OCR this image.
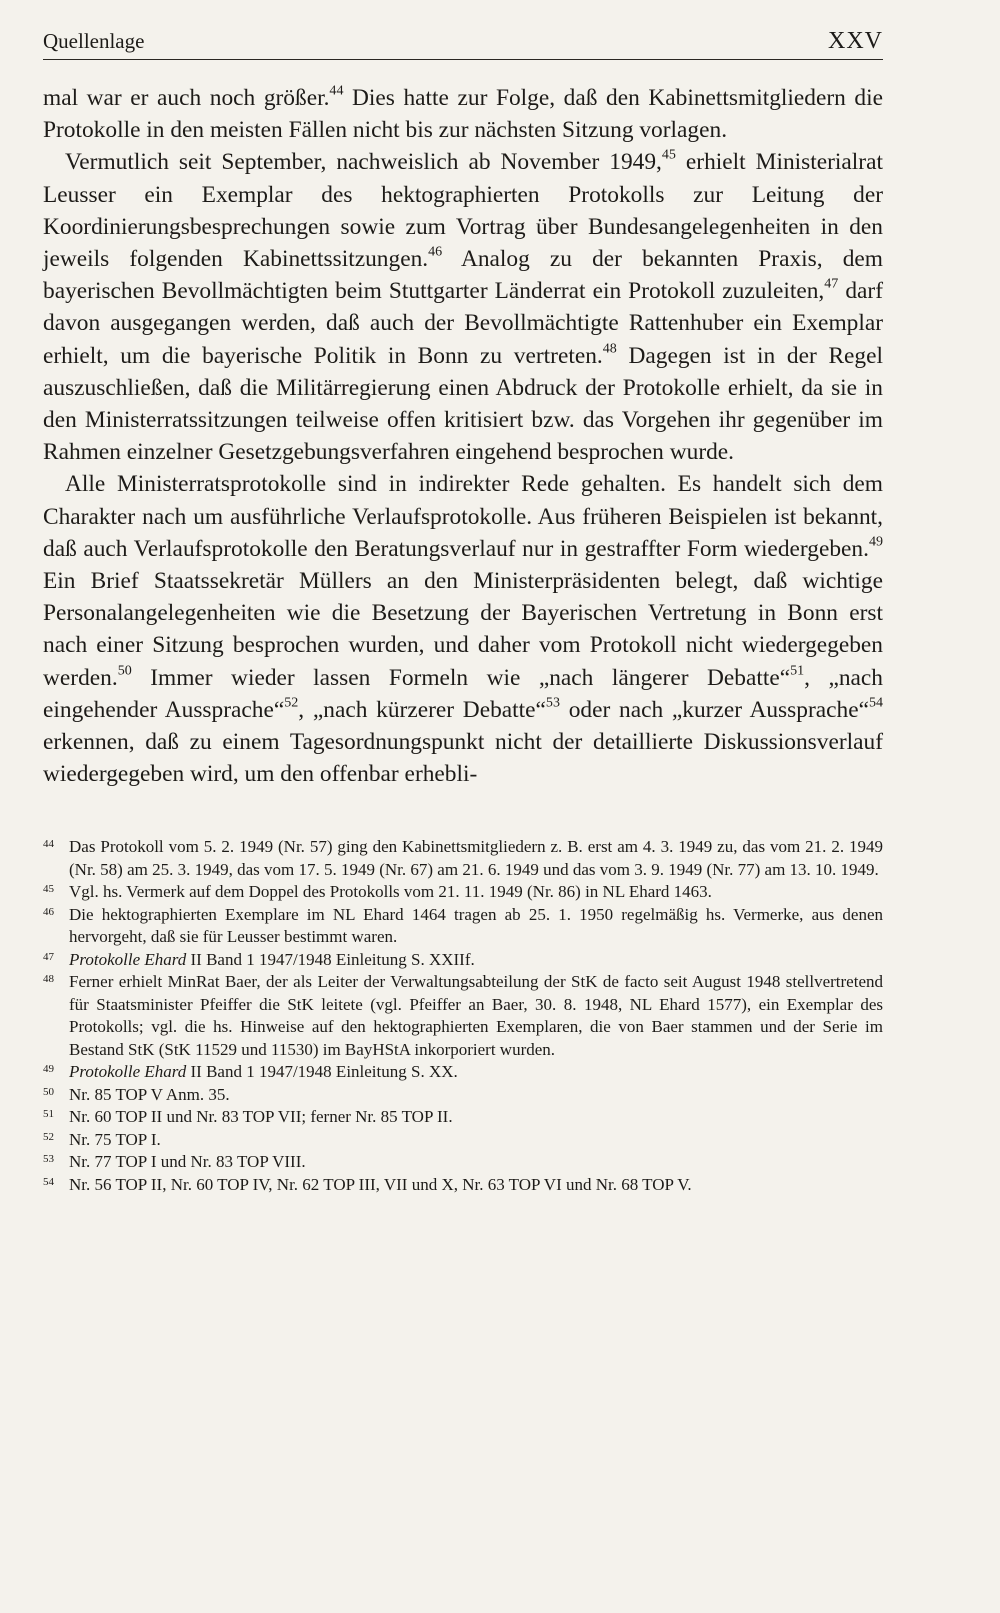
Quellenlage	XXV

mal war er auch noch größer.$^{44}$ Dies hatte zur Folge, daß den Kabinettsmitgliedern die Protokolle in den meisten Fällen nicht bis zur nächsten Sitzung vorlagen.

Vermutlich seit September, nachweislich ab November 1949,45 erhielt Ministerialrat Leusser ein Exemplar des hektographierten Protokolls zur Leitung der Koordinierungsbesprechungen sowie zum Vortrag über Bundesangelegenheiten in den jeweils folgenden Kabinettssitzungen.$^{46}$ Analog zu der bekannten Praxis, dem bayerischen Bevollmächtigten beim Stuttgarter Länderrat ein Protokoll zuzuleiten,$^{47}$ darf davon ausgegangen werden, daß auch der Bevollmächtigte Rattenhuber ein Exemplar erhielt, um die bayerische Politik in Bonn zu vertreten.$^{48}$ Dagegen ist in der Regel auszuschließen, daß die Militärregierung einen Abdruck der Protokolle erhielt, da sie in den Ministerratssitzungen teilweise offen kritisiert bzw. das Vorgehen ihr gegenüber im Rahmen einzelner Gesetzgebungsverfahren eingehend besprochen wurde.

Alle Ministerratsprotokolle sind in indirekter Rede gehalten. Es handelt sich dem Charakter nach um ausführliche Verlaufsprotokolle. Aus früheren Beispielen ist bekannt, daß auch Verlaufsprotokolle den Beratungsverlauf nur in gestraffter Form wiedergeben.$^{49}$ Ein Brief Staatssekretär Müllers an den Ministerpräsidenten belegt, daß wichtige Personalangelegenheiten wie die Besetzung der Bayerischen Vertretung in Bonn erst nach einer Sitzung besprochen wurden, und daher vom Protokoll nicht wiedergegeben werden.$^{50}$ Immer wieder lassen Formeln wie „nach längerer Debatte“$^{51}$, „nach eingehender Aussprache“$^{52}$, „nach kürzerer Debatte“$^{53}$ oder nach „kurzer Aussprache“$^{54}$ erkennen, daß zu einem Tagesordnungspunkt nicht der detaillierte Diskussionsverlauf wiedergegeben wird, um den offenbar erhebli-

44 Das Protokoll vom 5. 2. 1949 (Nr. 57) ging den Kabinettsmitgliedern z. B. erst am 4. 3. 1949 zu, das vom 21. 2. 1949 (Nr. 58) am 25. 3. 1949, das vom 17. 5. 1949 (Nr. 67) am 21. 6. 1949 und das vom 3. 9. 1949 (Nr. 77) am 13. 10. 1949.
45 Vgl. hs. Vermerk auf dem Doppel des Protokolls vom 21. 11. 1949 (Nr. 86) in NL Ehard 1463.
46 Die hektographierten Exemplare im NL Ehard 1464 tragen ab 25. 1. 1950 regelmäßig hs. Vermerke, aus denen hervorgeht, daß sie für Leusser bestimmt waren.
47 Protokolle Ehard II Band 1 1947/1948 Einleitung S. XXIIf.
48 Ferner erhielt MinRat Baer, der als Leiter der Verwaltungsabteilung der StK de facto seit August 1948 stellvertretend für Staatsminister Pfeiffer die StK leitete (vgl. Pfeiffer an Baer, 30. 8. 1948, NL Ehard 1577), ein Exemplar des Protokolls; vgl. die hs. Hinweise auf den hektographierten Exemplaren, die von Baer stammen und der Serie im Bestand StK (StK 11529 und 11530) im BayHStA inkorporiert wurden.
49 Protokolle Ehard II Band 1 1947/1948 Einleitung S. XX.
50 Nr. 85 TOP V Anm. 35.
51 Nr. 60 TOP II und Nr. 83 TOP VII; ferner Nr. 85 TOP II.
52 Nr. 75 TOP I.
53 Nr. 77 TOP I und Nr. 83 TOP VIII.
54 Nr. 56 TOP II, Nr. 60 TOP IV, Nr. 62 TOP III, VII und X, Nr. 63 TOP VI und Nr. 68 TOP V.
